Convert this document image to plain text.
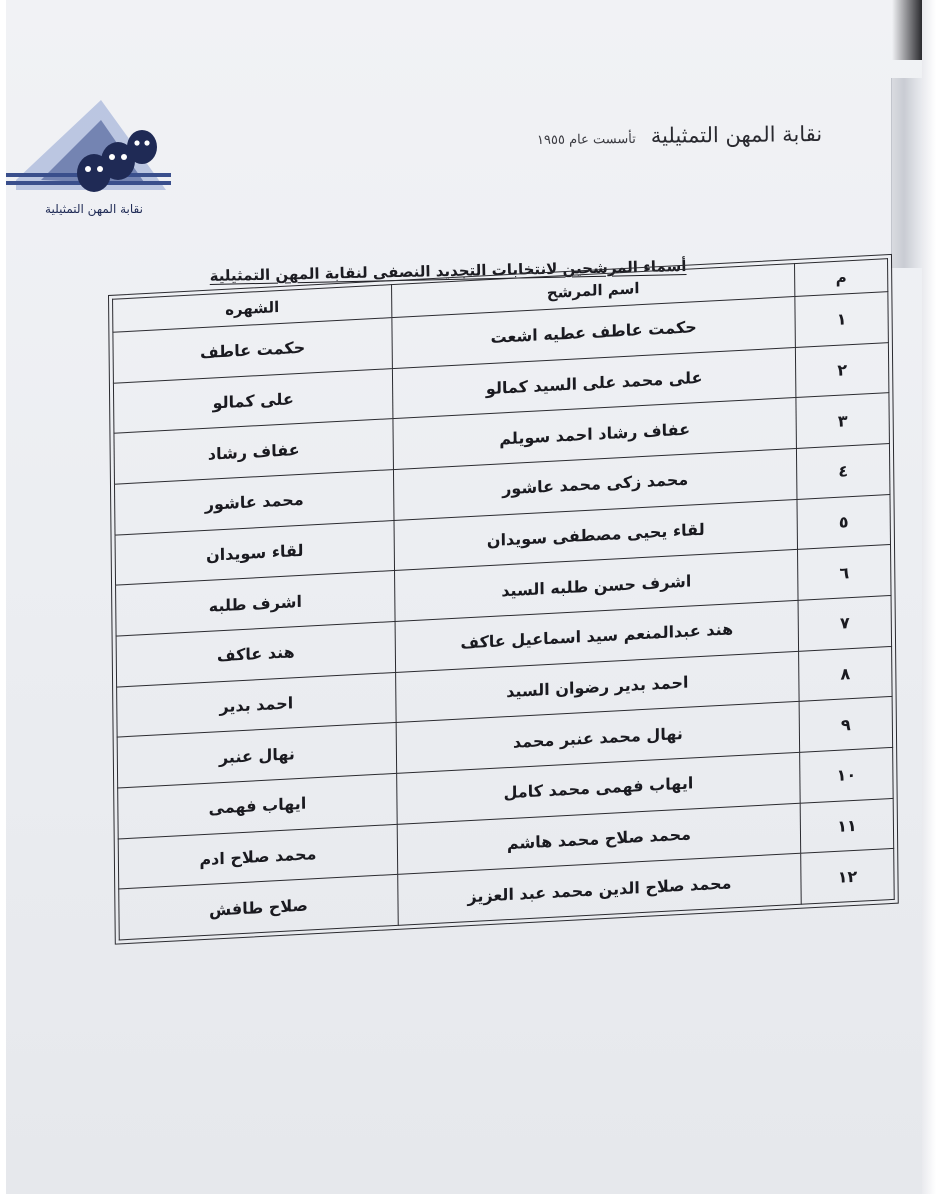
نقابة المهن التمثيلية
نقابة المهن التمثيلية تأسست عام ١٩٥٥
أسماء المرشحين لانتخابات التجديد النصفى لنقابة المهن التمثيلية	م	اسم المرشح	الشهره
١	حكمت عاطف عطيه اشعت	حكمت عاطف
٢	على محمد على السيد كمالو	على كمالو
٣	عفاف رشاد احمد سويلم	عفاف رشاد
٤	محمد زكى محمد عاشور	محمد عاشور
٥	لقاء يحيى مصطفى سويدان	لقاء سويدان
٦	اشرف حسن طلبه السيد	اشرف طلبه
٧	هند عبدالمنعم سيد اسماعيل عاكف	هند عاكف
٨	احمد بدير رضوان السيد	احمد بدير
٩	نهال محمد عنبر محمد	نهال عنبر
١٠	ايهاب فهمى محمد كامل	ايهاب فهمى
١١	محمد صلاح محمد هاشم	محمد صلاح ادم
١٢	محمد صلاح الدين محمد عبد العزيز	صلاح طافش
